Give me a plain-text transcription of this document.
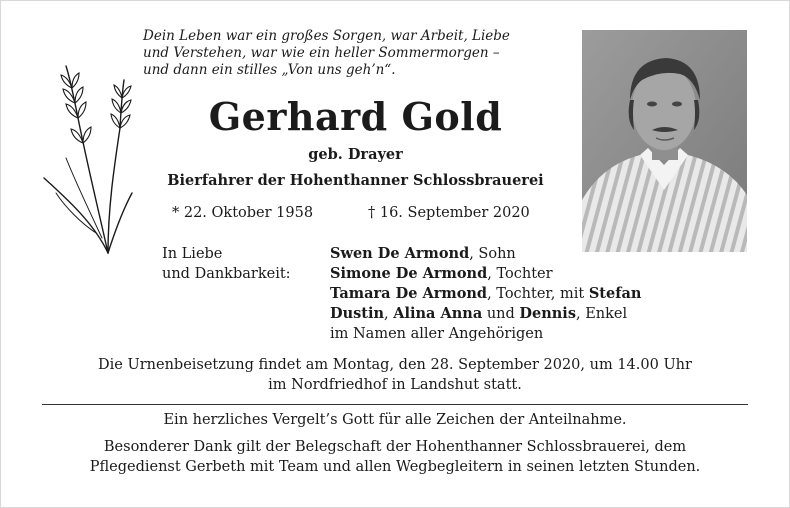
Dein Leben war ein großes Sorgen, war Arbeit, Liebe
und Verstehen, war wie ein heller Sommermorgen –
und dann ein stilles „Von uns geh’n“.
Gerhard Gold
geb. Drayer
Bierfahrer der Hohenthanner Schlossbrauerei
* 22. Oktober 1958	† 16. September 2020
In Liebe
und Dankbarkeit:
Swen De Armond, Sohn
Simone De Armond, Tochter
Tamara De Armond, Tochter, mit Stefan
Dustin, Alina Anna und Dennis, Enkel
im Namen aller Angehörigen
Die Urnenbeisetzung findet am Montag, den 28. September 2020, um 14.00 Uhr
im Nordfriedhof in Landshut statt.
Ein herzliches Vergelt’s Gott für alle Zeichen der Anteilnahme.
Besonderer Dank gilt der Belegschaft der Hohenthanner Schlossbrauerei, dem
Pflegedienst Gerbeth mit Team und allen Wegbegleitern in seinen letzten Stunden.
